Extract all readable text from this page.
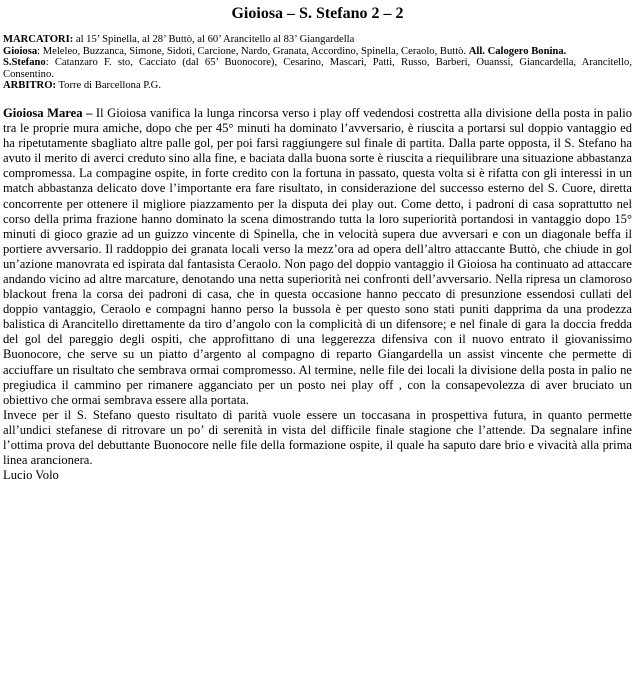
Gioiosa – S. Stefano 2 – 2

MARCATORI: al 15’ Spinella, al 28’ Buttò, al 60’ Arancitello al 83’ Giangardella

Gioiosa: Meleleo, Buzzanca, Simone, Sidoti, Carcione, Nardo, Granata, Accordino, Spinella, Ceraolo, Buttò. All. Calogero Bonina.

S.Stefano: Catanzaro F. sto, Cacciato (dal 65’ Buonocore), Cesarino, Mascari, Patti, Russo, Barberi, Ouanssi, Giancardella, Arancitello, Consentino.

ARBITRO: Torre di Barcellona P.G.

Gioiosa Marea – Il Gioiosa vanifica la lunga rincorsa verso i play off vedendosi costretta alla divisione della posta in palio tra le proprie mura amiche, dopo che per 45° minuti ha dominato l’avversario, è riuscita a portarsi sul doppio vantaggio ed ha ripetutamente sbagliato altre palle gol, per poi farsi raggiungere sul finale di partita. Dalla parte opposta, il S. Stefano ha avuto il merito di averci creduto sino alla fine, e baciata dalla buona sorte è riuscita a riequilibrare una situazione abbastanza compromessa. La compagine ospite, in forte credito con la fortuna in passato, questa volta si è rifatta con gli interessi in un match abbastanza delicato dove l’importante era fare risultato, in considerazione del successo esterno del S. Cuore, diretta concorrente per ottenere il migliore piazzamento per la disputa dei play out. Come detto, i padroni di casa soprattutto nel corso della prima frazione hanno dominato la scena dimostrando tutta la loro superiorità portandosi in vantaggio dopo 15° minuti di gioco grazie ad un guizzo vincente di Spinella, che in velocità supera due avversari e con un diagonale beffa il portiere avversario. Il raddoppio dei granata locali verso la mezz’ora ad opera dell’altro attaccante Buttò, che chiude in gol un’azione manovrata ed ispirata dal fantasista Ceraolo. Non pago del doppio vantaggio il Gioiosa ha continuato ad attaccare andando vicino ad altre marcature, denotando una netta superiorità nei confronti dell’avversario. Nella ripresa un clamoroso blackout frena la corsa dei padroni di casa, che in questa occasione hanno peccato di presunzione essendosi cullati del doppio vantaggio, Ceraolo e compagni hanno perso la bussola è per questo sono stati puniti dapprima da una prodezza balistica di Arancitello direttamente da tiro d’angolo con la complicità di un difensore; e nel finale di gara la doccia fredda del gol del pareggio degli ospiti, che approfittano di una leggerezza difensiva con il nuovo entrato il giovanissimo Buonocore, che serve su un piatto d’argento al compagno di reparto Giangardella un assist vincente che permette di acciuffare un risultato che sembrava ormai compromesso. Al termine, nelle file dei locali la divisione della posta in palio ne pregiudica il cammino per rimanere agganciato per un posto nei play off , con la consapevolezza di aver bruciato un obiettivo che ormai sembrava essere alla portata.

Invece per il S. Stefano questo risultato di parità vuole essere un toccasana in prospettiva futura, in quanto permette all’undici stefanese di ritrovare un po’ di serenità in vista del difficile finale stagione che l’attende. Da segnalare infine l’ottima prova del debuttante Buonocore nelle file della formazione ospite, il quale ha saputo dare brio e vivacità alla prima linea arancionera.

Lucio Volo
